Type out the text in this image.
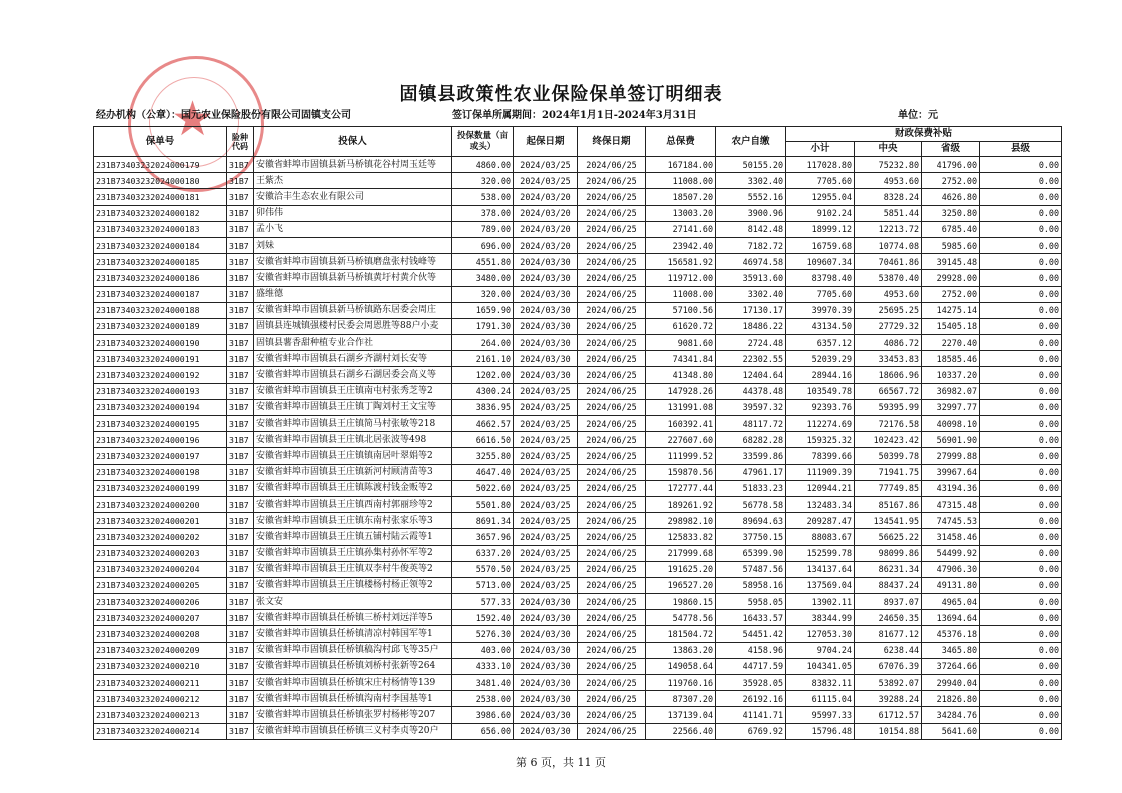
★	固镇县政策性农业保险保单签订明细表
经办机构（公章）：国元农业保险股份有限公司固镇支公司	签订保单所属期间：2024年1月1日-2024年3月31日	单位：元
保单号	险种代码	投保人	投保数量（亩或头）	起保日期	终保日期	总保费	农户自缴	财政保费补贴			
								小计	中央	省级	县级
231B73403232024000179	31B7	安徽省蚌埠市固镇县新马桥镇花谷村周玉廷等	4860.00	2024/03/25	2024/06/25	167184.00	50155.20	117028.80	75232.80	41796.00	0.00
231B73403232024000180	31B7	王紫杰	320.00	2024/03/25	2024/06/25	11008.00	3302.40	7705.60	4953.60	2752.00	0.00
231B73403232024000181	31B7	安徽洽丰生态农业有限公司	538.00	2024/03/20	2024/06/25	18507.20	5552.16	12955.04	8328.24	4626.80	0.00
231B73403232024000182	31B7	卯伟伟	378.00	2024/03/20	2024/06/25	13003.20	3900.96	9102.24	5851.44	3250.80	0.00
231B73403232024000183	31B7	孟小飞	789.00	2024/03/20	2024/06/25	27141.60	8142.48	18999.12	12213.72	6785.40	0.00
231B73403232024000184	31B7	刘妹	696.00	2024/03/20	2024/06/25	23942.40	7182.72	16759.68	10774.08	5985.60	0.00
231B73403232024000185	31B7	安徽省蚌埠市固镇县新马桥镇磨盘张村钱峰等	4551.80	2024/03/30	2024/06/25	156581.92	46974.58	109607.34	70461.86	39145.48	0.00
231B73403232024000186	31B7	安徽省蚌埠市固镇县新马桥镇黄圩村黄介伙等	3480.00	2024/03/30	2024/06/25	119712.00	35913.60	83798.40	53870.40	29928.00	0.00
231B73403232024000187	31B7	盛维德	320.00	2024/03/30	2024/06/25	11008.00	3302.40	7705.60	4953.60	2752.00	0.00
231B73403232024000188	31B7	安徽省蚌埠市固镇县新马桥镇路东居委会周庄	1659.90	2024/03/30	2024/06/25	57100.56	17130.17	39970.39	25695.25	14275.14	0.00
231B73403232024000189	31B7	固镇县连城镇强楼村民委会周恩胜等88户小麦	1791.30	2024/03/30	2024/06/25	61620.72	18486.22	43134.50	27729.32	15405.18	0.00
231B73403232024000190	31B7	固镇县薯香甜种植专业合作社	264.00	2024/03/30	2024/06/25	9081.60	2724.48	6357.12	4086.72	2270.40	0.00
231B73403232024000191	31B7	安徽省蚌埠市固镇县石湖乡齐湖村刘长安等	2161.10	2024/03/30	2024/06/25	74341.84	22302.55	52039.29	33453.83	18585.46	0.00
231B73403232024000192	31B7	安徽省蚌埠市固镇县石湖乡石湖居委会高义等	1202.00	2024/03/30	2024/06/25	41348.80	12404.64	28944.16	18606.96	10337.20	0.00
231B73403232024000193	31B7	安徽省蚌埠市固镇县王庄镇南屯村张秀芝等2	4300.24	2024/03/25	2024/06/25	147928.26	44378.48	103549.78	66567.72	36982.07	0.00
231B73403232024000194	31B7	安徽省蚌埠市固镇县王庄镇丁陶刘村王文宝等	3836.95	2024/03/25	2024/06/25	131991.08	39597.32	92393.76	59395.99	32997.77	0.00
231B73403232024000195	31B7	安徽省蚌埠市固镇县王庄镇简马村张敏等218	4662.57	2024/03/25	2024/06/25	160392.41	48117.72	112274.69	72176.58	40098.10	0.00
231B73403232024000196	31B7	安徽省蚌埠市固镇县王庄镇北居张波等498	6616.50	2024/03/25	2024/06/25	227607.60	68282.28	159325.32	102423.42	56901.90	0.00
231B73403232024000197	31B7	安徽省蚌埠市固镇县王庄镇镇南居叶翠娟等2	3255.80	2024/03/25	2024/06/25	111999.52	33599.86	78399.66	50399.78	27999.88	0.00
231B73403232024000198	31B7	安徽省蚌埠市固镇县王庄镇新河村顾清苗等3	4647.40	2024/03/25	2024/06/25	159870.56	47961.17	111909.39	71941.75	39967.64	0.00
231B73403232024000199	31B7	安徽省蚌埠市固镇县王庄镇陈渡村钱金贩等2	5022.60	2024/03/25	2024/06/25	172777.44	51833.23	120944.21	77749.85	43194.36	0.00
231B73403232024000200	31B7	安徽省蚌埠市固镇县王庄镇西南村郭丽珍等2	5501.80	2024/03/25	2024/06/25	189261.92	56778.58	132483.34	85167.86	47315.48	0.00
231B73403232024000201	31B7	安徽省蚌埠市固镇县王庄镇东南村张家乐等3	8691.34	2024/03/25	2024/06/25	298982.10	89694.63	209287.47	134541.95	74745.53	0.00
231B73403232024000202	31B7	安徽省蚌埠市固镇县王庄镇五铺村陆云霞等1	3657.96	2024/03/25	2024/06/25	125833.82	37750.15	88083.67	56625.22	31458.46	0.00
231B73403232024000203	31B7	安徽省蚌埠市固镇县王庄镇孙集村孙怀军等2	6337.20	2024/03/25	2024/06/25	217999.68	65399.90	152599.78	98099.86	54499.92	0.00
231B73403232024000204	31B7	安徽省蚌埠市固镇县王庄镇双李村牛俊英等2	5570.50	2024/03/25	2024/06/25	191625.20	57487.56	134137.64	86231.34	47906.30	0.00
231B73403232024000205	31B7	安徽省蚌埠市固镇县王庄镇楼杨村杨正领等2	5713.00	2024/03/25	2024/06/25	196527.20	58958.16	137569.04	88437.24	49131.80	0.00
231B73403232024000206	31B7	张文安	577.33	2024/03/30	2024/06/25	19860.15	5958.05	13902.11	8937.07	4965.04	0.00
231B73403232024000207	31B7	安徽省蚌埠市固镇县任桥镇三桥村刘远洋等5	1592.40	2024/03/30	2024/06/25	54778.56	16433.57	38344.99	24650.35	13694.64	0.00
231B73403232024000208	31B7	安徽省蚌埠市固镇县任桥镇清凉村韩国军等1	5276.30	2024/03/30	2024/06/25	181504.72	54451.42	127053.30	81677.12	45376.18	0.00
231B73403232024000209	31B7	安徽省蚌埠市固镇县任桥镇稿沟村邱飞等35户	403.00	2024/03/30	2024/06/25	13863.20	4158.96	9704.24	6238.44	3465.80	0.00
231B73403232024000210	31B7	安徽省蚌埠市固镇县任桥镇刘桥村张新等264	4333.10	2024/03/30	2024/06/25	149058.64	44717.59	104341.05	67076.39	37264.66	0.00
231B73403232024000211	31B7	安徽省蚌埠市固镇县任桥镇宋庄村杨情等139	3481.40	2024/03/30	2024/06/25	119760.16	35928.05	83832.11	53892.07	29940.04	0.00
231B73403232024000212	31B7	安徽省蚌埠市固镇县任桥镇沟南村李国基等1	2538.00	2024/03/30	2024/06/25	87307.20	26192.16	61115.04	39288.24	21826.80	0.00
231B73403232024000213	31B7	安徽省蚌埠市固镇县任桥镇张罗村杨彬等207	3986.60	2024/03/30	2024/06/25	137139.04	41141.71	95997.33	61712.57	34284.76	0.00
231B73403232024000214	31B7	安徽省蚌埠市固镇县任桥镇三义村李贞等20户	656.00	2024/03/30	2024/06/25	22566.40	6769.92	15796.48	10154.88	5641.60	0.00
第 6 页，共 11 页
